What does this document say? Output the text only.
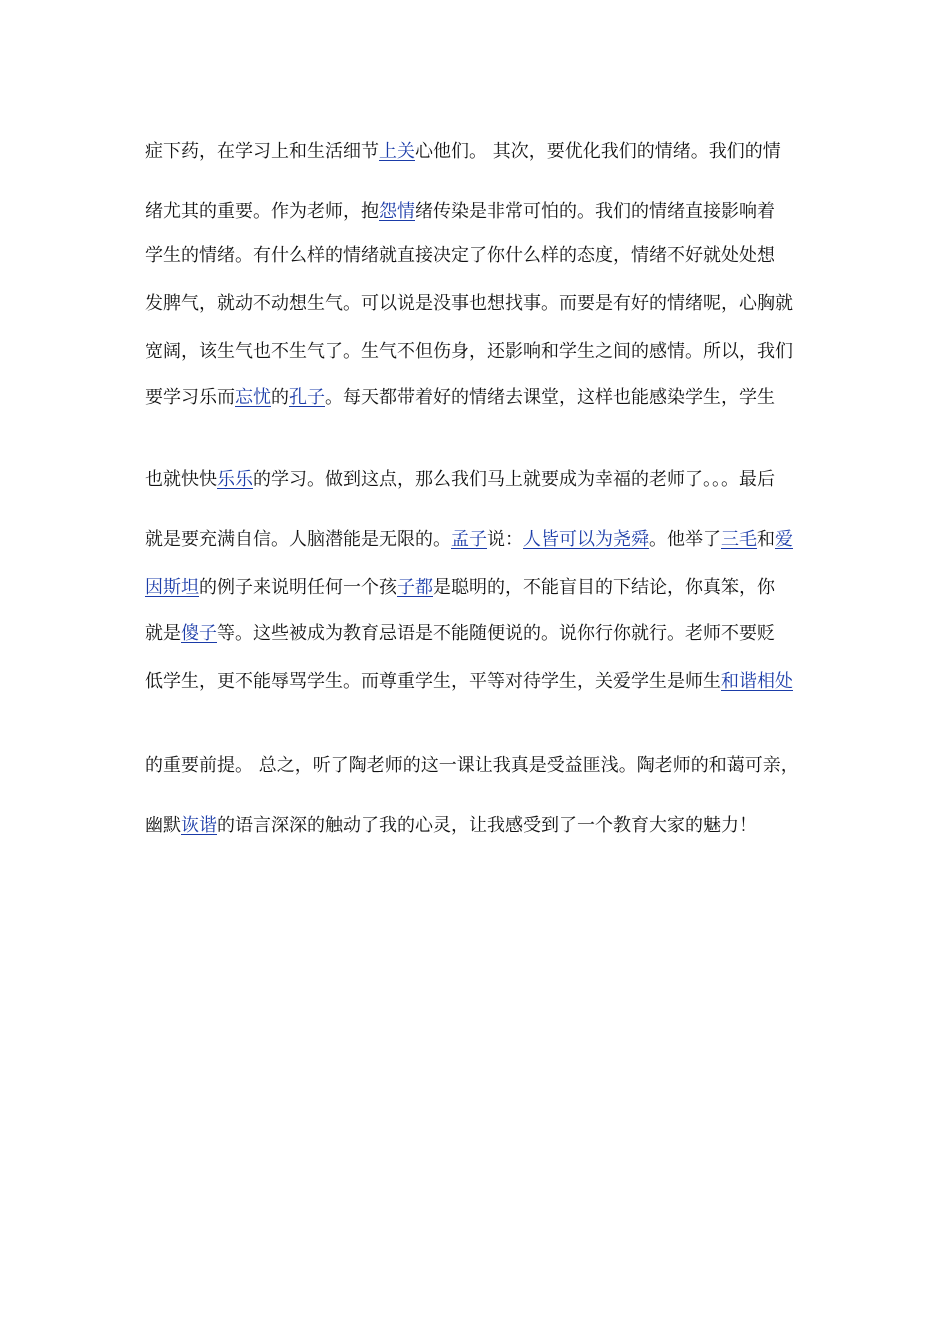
症下药，在学习上和生活细节上关心他们。 其次，要优化我们的情绪。我们的情
绪尤其的重要。作为老师，抱怨情绪传染是非常可怕的。我们的情绪直接影响着
学生的情绪。有什么样的情绪就直接决定了你什么样的态度，情绪不好就处处想
发脾气，就动不动想生气。可以说是没事也想找事。而要是有好的情绪呢，心胸就
宽阔，该生气也不生气了。生气不但伤身，还影响和学生之间的感情。所以，我们
要学习乐而忘忧的孔子。每天都带着好的情绪去课堂，这样也能感染学生，学生
也就快快乐乐的学习。做到这点，那么我们马上就要成为幸福的老师了。。。最后
就是要充满自信。人脑潜能是无限的。孟子说：人皆可以为尧舜。他举了三毛和爱
因斯坦的例子来说明任何一个孩子都是聪明的，不能盲目的下结论，你真笨，你
就是傻子等。这些被成为教育忌语是不能随便说的。说你行你就行。老师不要贬
低学生，更不能辱骂学生。而尊重学生，平等对待学生，关爱学生是师生和谐相处
的重要前提。 总之，听了陶老师的这一课让我真是受益匪浅。陶老师的和蔼可亲，
幽默诙谐的语言深深的触动了我的心灵，让我感受到了一个教育大家的魅力！
